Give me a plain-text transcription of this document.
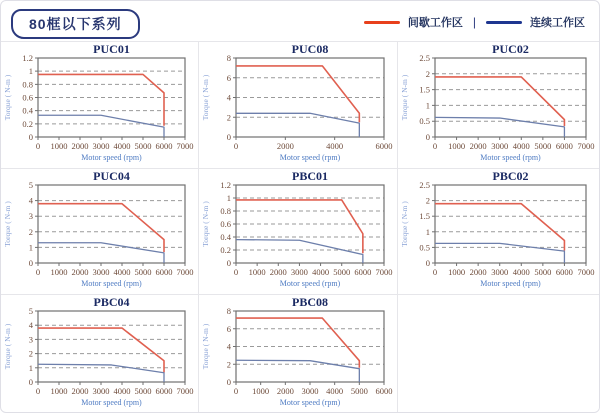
80框以下系列	间歇工作区 |	连续工作区
0
0.2
0.4
0.6
0.8
1
1.2
0 1000 2000 3000 4000 5000 6000 7000
PUC01
Motor speed (rpm)
Torque ( N-m )
0
2
4
6
8
0	2000	4000	6000
PUC08
Motor speed (rpm)
Torque ( N-m )
0
0.5
1
1.5
2
2.5
0 1000 2000 3000 4000 5000 6000 7000
PUC02
Motor speed (rpm)
Torque ( N-m )
0
1
2
3
4
5
0 1000 2000 3000 4000 5000 6000 7000
PUC04
Motor speed (rpm)
Torque ( N-m )
0
0.2
0.4
0.6
0.8
1
1.2
0 1000 2000 3000 4000 5000 6000 7000
PBC01
Motor speed (rpm)
Torque ( N-m )
0
0.5
1
1.5
2
2.5
0 1000 2000 3000 4000 5000 6000 7000
PBC02
Motor speed (rpm)
Torque ( N-m )
0
1
2
3
4
5
0 1000 2000 3000 4000 5000 6000 7000
PBC04
Motor speed (rpm)
Torque ( N-m )
0
2
4
6
8
0 1000 2000 3000 4000 5000 6000
PBC08
Motor speed (rpm)
Torque ( N-m )
